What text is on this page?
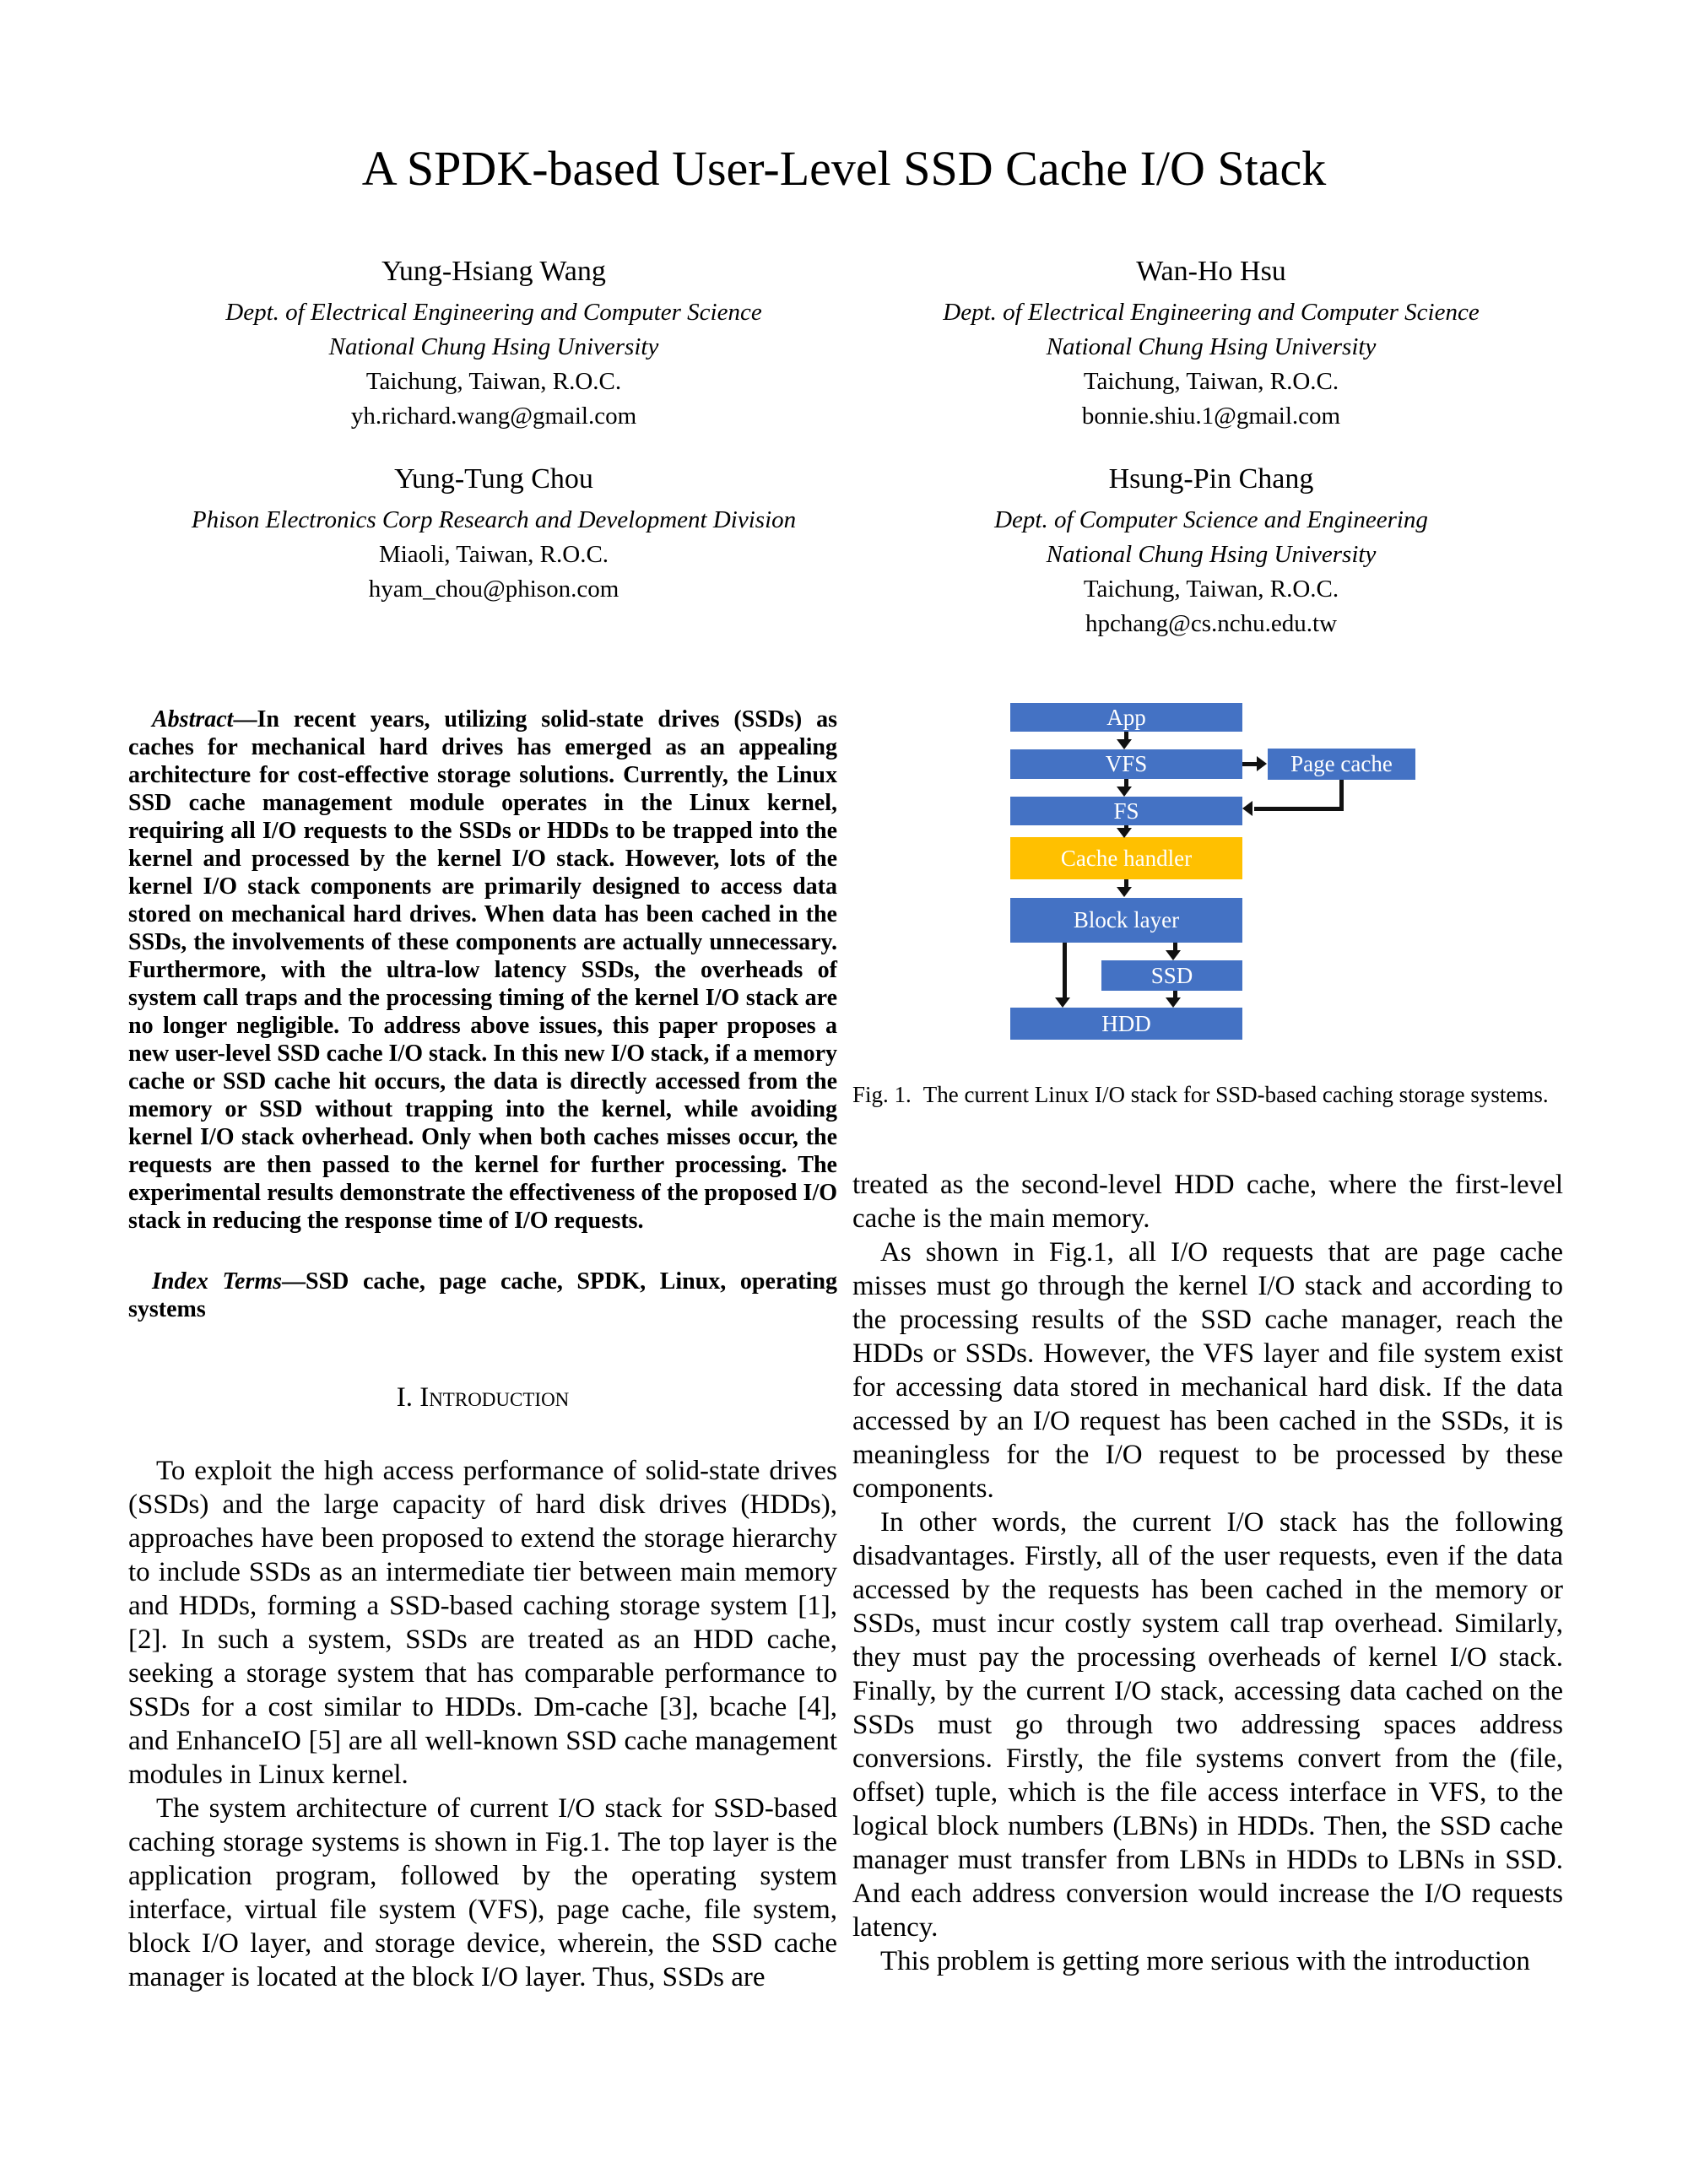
A SPDK-based User-Level SSD Cache I/O Stack
Yung-Hsiang Wang
Dept. of Electrical Engineering and Computer Science
National Chung Hsing University
Taichung, Taiwan, R.O.C.
yh.richard.wang@gmail.com
Wan-Ho Hsu
Dept. of Electrical Engineering and Computer Science
National Chung Hsing University
Taichung, Taiwan, R.O.C.
bonnie.shiu.1@gmail.com
Yung-Tung Chou
Phison Electronics Corp Research and Development Division
Miaoli, Taiwan, R.O.C.
hyam_chou@phison.com
Hsung-Pin Chang
Dept. of Computer Science and Engineering
National Chung Hsing University
Taichung, Taiwan, R.O.C.
hpchang@cs.nchu.edu.tw

Abstract—In recent years, utilizing solid-state drives (SSDs) as caches for mechanical hard drives has emerged as an appealing architecture for cost-effective storage solutions. Currently, the Linux SSD cache management module operates in the Linux kernel, requiring all I/O requests to the SSDs or HDDs to be trapped into the kernel and processed by the kernel I/O stack. However, lots of the kernel I/O stack components are primarily designed to access data stored on mechanical hard drives. When data has been cached in the SSDs, the involvements of these components are actually unnecessary. Furthermore, with the ultra-low latency SSDs, the overheads of system call traps and the processing timing of the kernel I/O stack are no longer negligible. To address above issues, this paper proposes a new user-level SSD cache I/O stack. In this new I/O stack, if a memory cache or SSD cache hit occurs, the data is directly accessed from the memory or SSD without trapping into the kernel, while avoiding kernel I/O stack ovherhead. Only when both caches misses occur, the requests are then passed to the kernel for further processing. The experimental results demonstrate the effectiveness of the proposed I/O stack in reducing the response time of I/O requests.

Index Terms—SSD cache, page cache, SPDK, Linux, operating systems

I. Introduction

To exploit the high access performance of solid-state drives (SSDs) and the large capacity of hard disk drives (HDDs), approaches have been proposed to extend the storage hierarchy to include SSDs as an intermediate tier between main memory and HDDs, forming a SSD-based caching storage system [1], [2]. In such a system, SSDs are treated as an HDD cache, seeking a storage system that has comparable performance to SSDs for a cost similar to HDDs. Dm-cache [3], bcache [4], and EnhanceIO [5] are all well-known SSD cache management modules in Linux kernel.

The system architecture of current I/O stack for SSD-based caching storage systems is shown in Fig.1. The top layer is the application program, followed by the operating system interface, virtual file system (VFS), page cache, file system, block I/O layer, and storage device, wherein, the SSD cache manager is located at the block I/O layer. Thus, SSDs are

App
VFS	Page cache
FS
Cache handler
Block layer
SSD
HDD
Fig. 1. The current Linux I/O stack for SSD-based caching storage systems.

treated as the second-level HDD cache, where the first-level cache is the main memory.

As shown in Fig.1, all I/O requests that are page cache misses must go through the kernel I/O stack and according to the processing results of the SSD cache manager, reach the HDDs or SSDs. However, the VFS layer and file system exist for accessing data stored in mechanical hard disk. If the data accessed by an I/O request has been cached in the SSDs, it is meaningless for the I/O request to be processed by these components.

In other words, the current I/O stack has the following disadvantages. Firstly, all of the user requests, even if the data accessed by the requests has been cached in the memory or SSDs, must incur costly system call trap overhead. Similarly, they must pay the processing overheads of kernel I/O stack. Finally, by the current I/O stack, accessing data cached on the SSDs must go through two addressing spaces address conversions. Firstly, the file systems convert from the (file, offset) tuple, which is the file access interface in VFS, to the logical block numbers (LBNs) in HDDs. Then, the SSD cache manager must transfer from LBNs in HDDs to LBNs in SSD. And each address conversion would increase the I/O requests latency.

This problem is getting more serious with the introduction
